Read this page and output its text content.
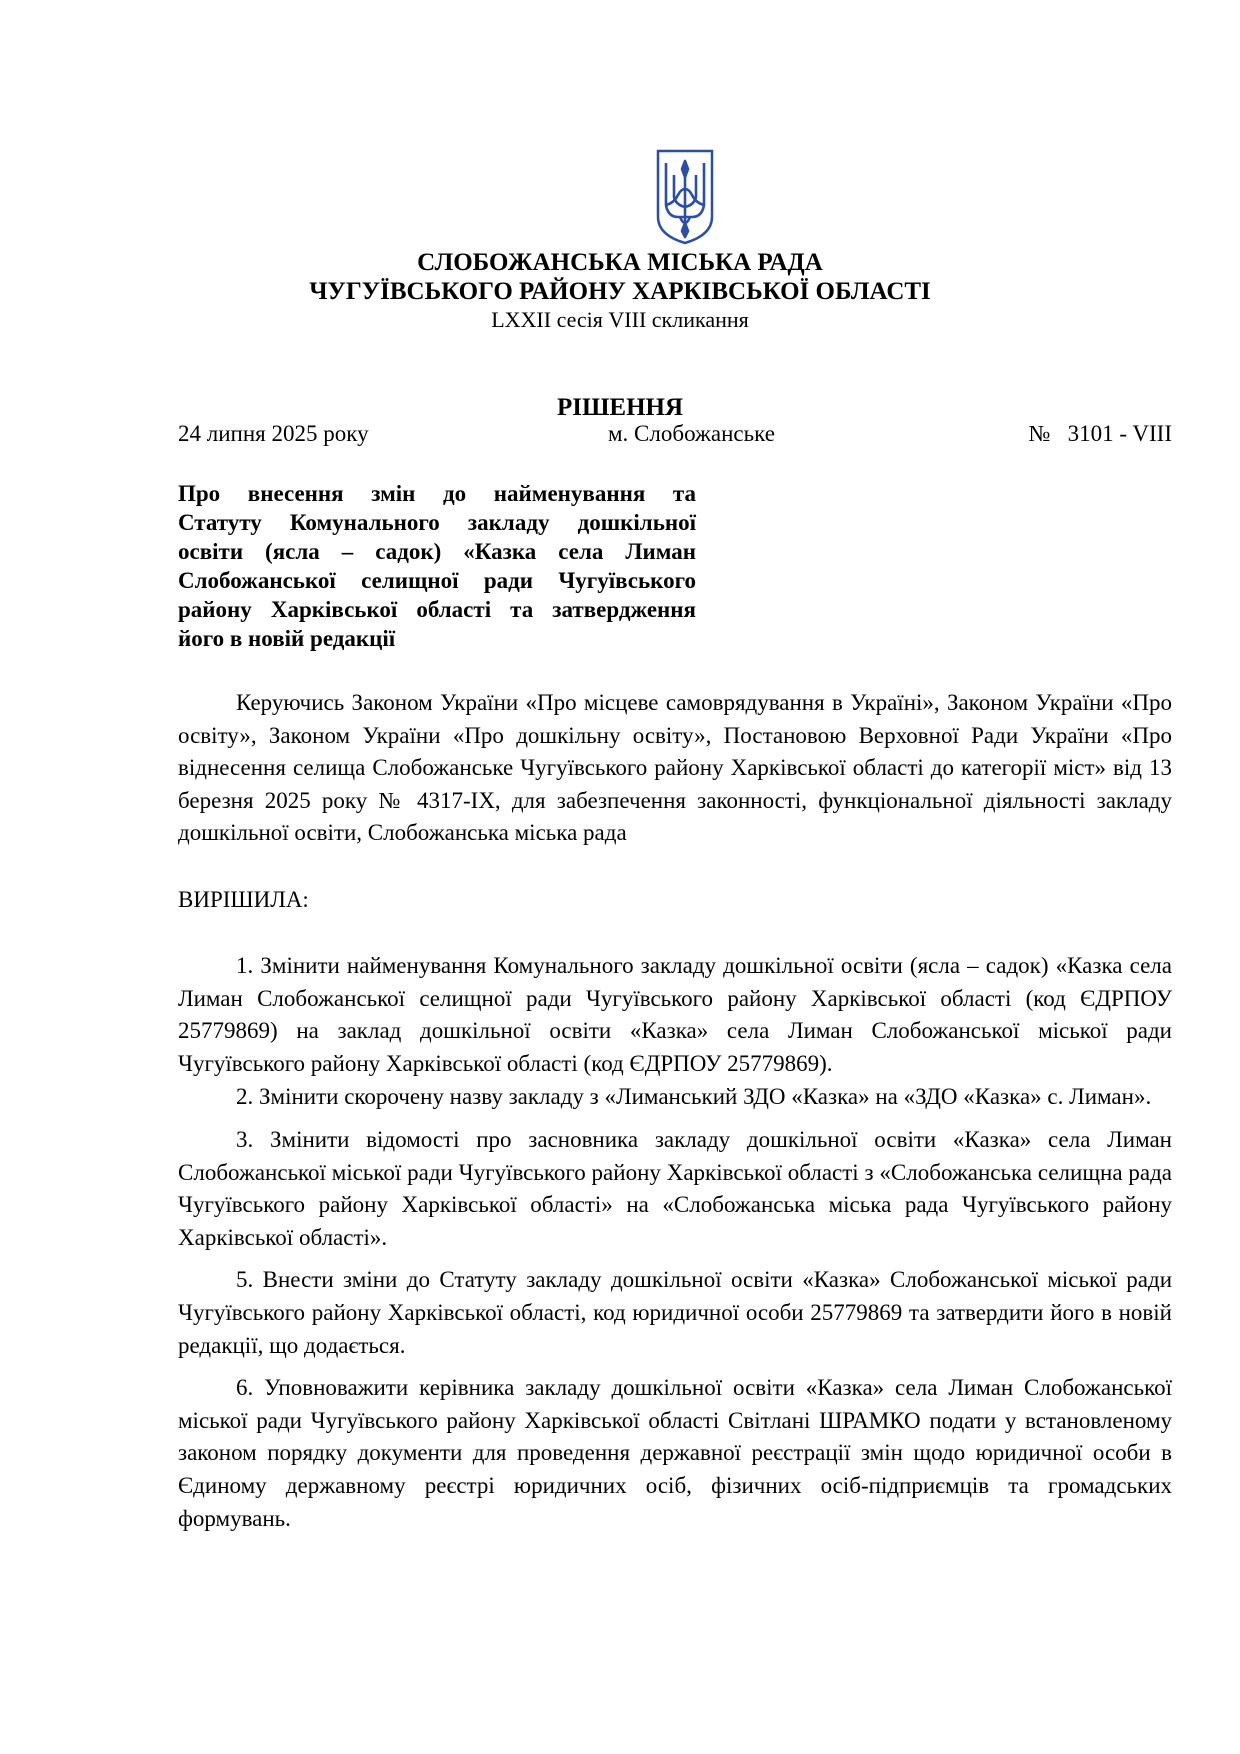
СЛОБОЖАНСЬКА МІСЬКА РАДА
ЧУГУЇВСЬКОГО РАЙОНУ ХАРКІВСЬКОЇ ОБЛАСТІ
LXXII сесія VIII скликання
РІШЕННЯ
24 липня 2025 року	м. Слобожанське	№   3101 - VIII
Про внесення змін до найменування та
Статуту Комунального закладу дошкільної
освіти (ясла – садок) «Казка села Лиман
Слобожанської селищної ради Чугуївського
району Харківської області та затвердження
його в новій редакції
Керуючись Законом України «Про місцеве самоврядування в Україні», Законом України «Про освіту», Законом України «Про дошкільну освіту», Постановою Верховної Ради України «Про віднесення селища Слобожанське Чугуївського району Харківської області до категорії міст» від 13 березня 2025 року № 4317-IX, для забезпечення законності, функціональної діяльності закладу дошкільної освіти, Слобожанська міська рада
ВИРІШИЛА:

1. Змінити найменування Комунального закладу дошкільної освіти (ясла – садок) «Казка села Лиман Слобожанської селищної ради Чугуївського району Харківської області (код ЄДРПОУ 25779869) на заклад дошкільної освіти «Казка» села Лиман Слобожанської міської ради Чугуївського району Харківської області (код ЄДРПОУ 25779869).

2. Змінити скорочену назву закладу з «Лиманський ЗДО «Казка» на «ЗДО «Казка» с. Лиман».

3. Змінити відомості про засновника закладу дошкільної освіти «Казка» села Лиман Слобожанської міської ради Чугуївського району Харківської області з «Слобожанська селищна рада Чугуївського району Харківської області» на «Слобожанська міська рада Чугуївського району Харківської області».

5. Внести зміни до Статуту закладу дошкільної освіти «Казка» Слобожанської міської ради Чугуївського району Харківської області, код юридичної особи 25779869 та затвердити його в новій редакції, що додається.

6. Уповноважити керівника закладу дошкільної освіти «Казка» села Лиман Слобожанської міської ради Чугуївського району Харківської області Світлані ШРАМКО подати у встановленому законом порядку документи для проведення державної реєстрації змін щодо юридичної особи в Єдиному державному реєстрі юридичних осіб, фізичних осіб-підприємців та громадських формувань.
